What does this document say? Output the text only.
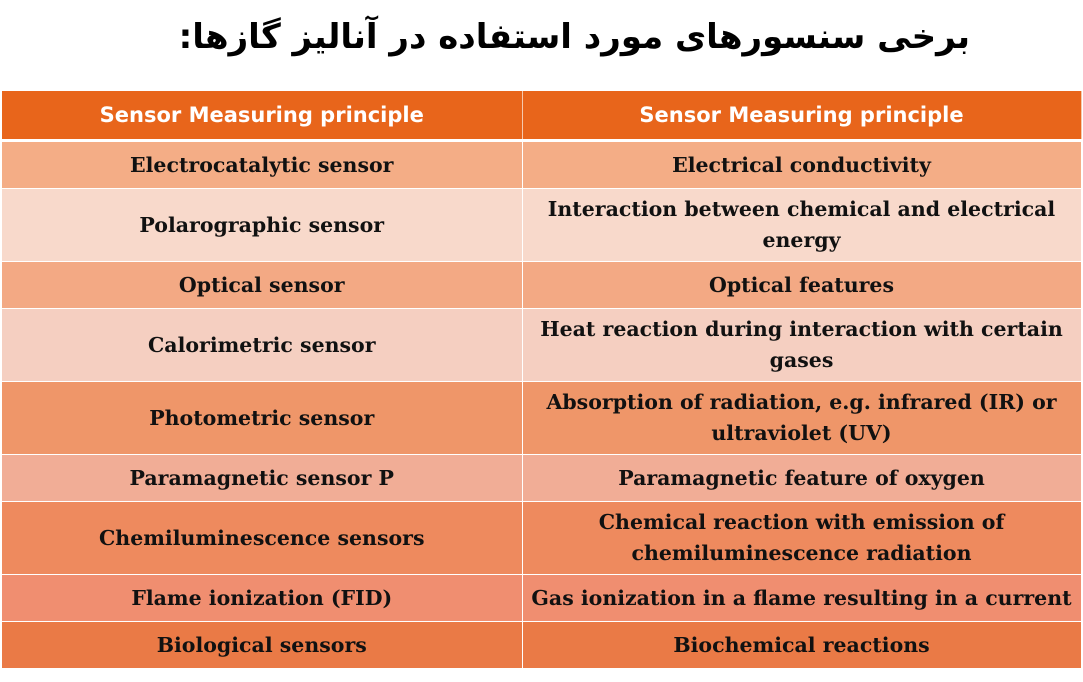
برخی سنسورهای مورد استفاده در آنالیز گازها:
Sensor Measuring principle	Sensor Measuring principle
Electrocatalytic sensor	Electrical conductivity
Polarographic sensor	Interaction between chemical and electrical energy
Optical sensor	Optical features
Calorimetric sensor	Heat reaction during interaction with certain gases
Photometric sensor	Absorption of radiation, e.g. infrared (IR) or ultraviolet (UV)
Paramagnetic sensor P	Paramagnetic feature of oxygen
Chemiluminescence sensors	Chemical reaction with emission of chemiluminescence radiation
Flame ionization (FID)	Gas ionization in a flame resulting in a current
Biological sensors	Biochemical reactions
